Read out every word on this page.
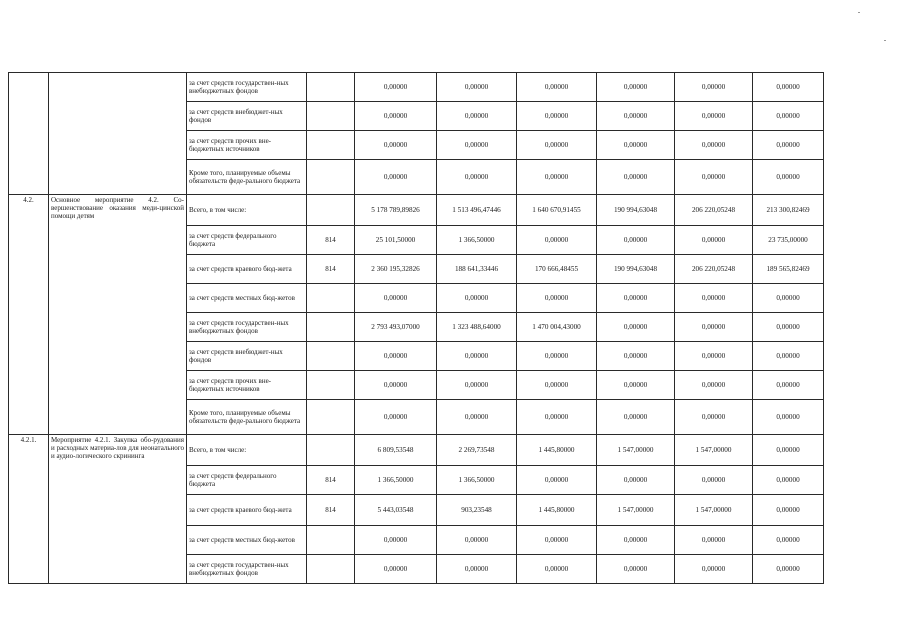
		за счет средств государствен-ных внебюджетных фондов		0,00000	0,00000	0,00000	0,00000	0,00000	0,00000
		за счет средств внебюджет-ных фондов		0,00000	0,00000	0,00000	0,00000	0,00000	0,00000
		за счет средств прочих вне-бюджетных источников		0,00000	0,00000	0,00000	0,00000	0,00000	0,00000
		Кроме того, планируемые объемы обязательств феде-рального бюджета		0,00000	0,00000	0,00000	0,00000	0,00000	0,00000
4.2.	Основное мероприятие 4.2. Со-вершенствование оказания меди-цинской помощи детям	Всего, в том числе:		5 178 789,89826	1 513 496,47446	1 640 670,91455	190 994,63048	206 220,05248	213 300,82469
		за счет средств федерального бюджета	814	25 101,50000	1 366,50000	0,00000	0,00000	0,00000	23 735,00000
		за счет средств краевого бюд-жета	814	2 360 195,32826	188 641,33446	170 666,48455	190 994,63048	206 220,05248	189 565,82469
		за счет средств местных бюд-жетов		0,00000	0,00000	0,00000	0,00000	0,00000	0,00000
		за счет средств государствен-ных внебюджетных фондов		2 793 493,07000	1 323 488,64000	1 470 004,43000	0,00000	0,00000	0,00000
		за счет средств внебюджет-ных фондов		0,00000	0,00000	0,00000	0,00000	0,00000	0,00000
		за счет средств прочих вне-бюджетных источников		0,00000	0,00000	0,00000	0,00000	0,00000	0,00000
		Кроме того, планируемые объемы обязательств феде-рального бюджета		0,00000	0,00000	0,00000	0,00000	0,00000	0,00000
4.2.1.	Мероприятие 4.2.1. Закупка обо-рудования и расходных материа-лов для неонатального и аудио-логического скрининга	Всего, в том числе:		6 809,53548	2 269,73548	1 445,80000	1 547,00000	1 547,00000	0,00000
		за счет средств федерального бюджета	814	1 366,50000	1 366,50000	0,00000	0,00000	0,00000	0,00000
		за счет средств краевого бюд-жета	814	5 443,03548	903,23548	1 445,80000	1 547,00000	1 547,00000	0,00000
		за счет средств местных бюд-жетов		0,00000	0,00000	0,00000	0,00000	0,00000	0,00000
		за счет средств государствен-ных внебюджетных фондов		0,00000	0,00000	0,00000	0,00000	0,00000	0,00000
